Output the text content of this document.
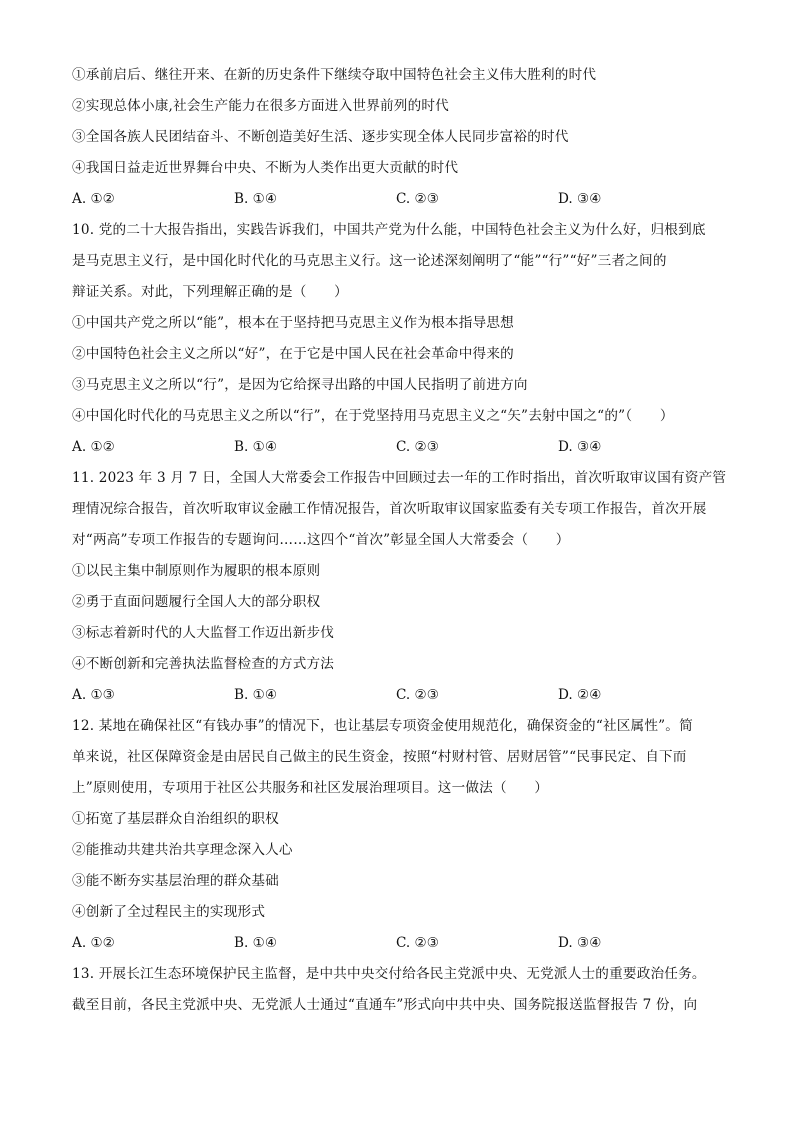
①承前启后、继往开来、在新的历史条件下继续夺取中国特色社会主义伟大胜利的时代
②实现总体小康,社会生产能力在很多方面进入世界前列的时代
③全国各族人民团结奋斗、不断创造美好生活、逐步实现全体人民同步富裕的时代
④我国日益走近世界舞台中央、不断为人类作出更大贡献的时代
A. ①②	B. ①④	C. ②③	D. ③④
10. 党的二十大报告指出，实践告诉我们，中国共产党为什么能，中国特色社会主义为什么好，归根到底
是马克思主义行，是中国化时代化的马克思主义行。这一论述深刻阐明了“能”“行”“好”三者之间的
辩证关系。对此，下列理解正确的是（　　）
①中国共产党之所以“能”，根本在于坚持把马克思主义作为根本指导思想
②中国特色社会主义之所以“好”，在于它是中国人民在社会革命中得来的
③马克思主义之所以“行”，是因为它给探寻出路的中国人民指明了前进方向
④中国化时代化的马克思主义之所以“行”，在于党坚持用马克思主义之“矢”去射中国之“的”（　　）
A. ①②	B. ①④	C. ②③	D. ③④
11. 2023 年 3 月 7 日，全国人大常委会工作报告中回顾过去一年的工作时指出，首次听取审议国有资产管
理情况综合报告，首次听取审议金融工作情况报告，首次听取审议国家监委有关专项工作报告，首次开展
对“两高”专项工作报告的专题询问……这四个“首次”彰显全国人大常委会（　　）
①以民主集中制原则作为履职的根本原则
②勇于直面问题履行全国人大的部分职权
③标志着新时代的人大监督工作迈出新步伐
④不断创新和完善执法监督检查的方式方法
A. ①③	B. ①④	C. ②③	D. ②④
12. 某地在确保社区“有钱办事”的情况下，也让基层专项资金使用规范化，确保资金的“社区属性”。简
单来说，社区保障资金是由居民自己做主的民生资金，按照“村财村管、居财居管”“民事民定、自下而
上”原则使用，专项用于社区公共服务和社区发展治理项目。这一做法（　　）
①拓宽了基层群众自治组织的职权
②能推动共建共治共享理念深入人心
③能不断夯实基层治理的群众基础
④创新了全过程民主的实现形式
A. ①②	B. ①④	C. ②③	D. ③④
13. 开展长江生态环境保护民主监督，是中共中央交付给各民主党派中央、无党派人士的重要政治任务。
截至目前，各民主党派中央、无党派人士通过“直通车”形式向中共中央、国务院报送监督报告 7 份，向
